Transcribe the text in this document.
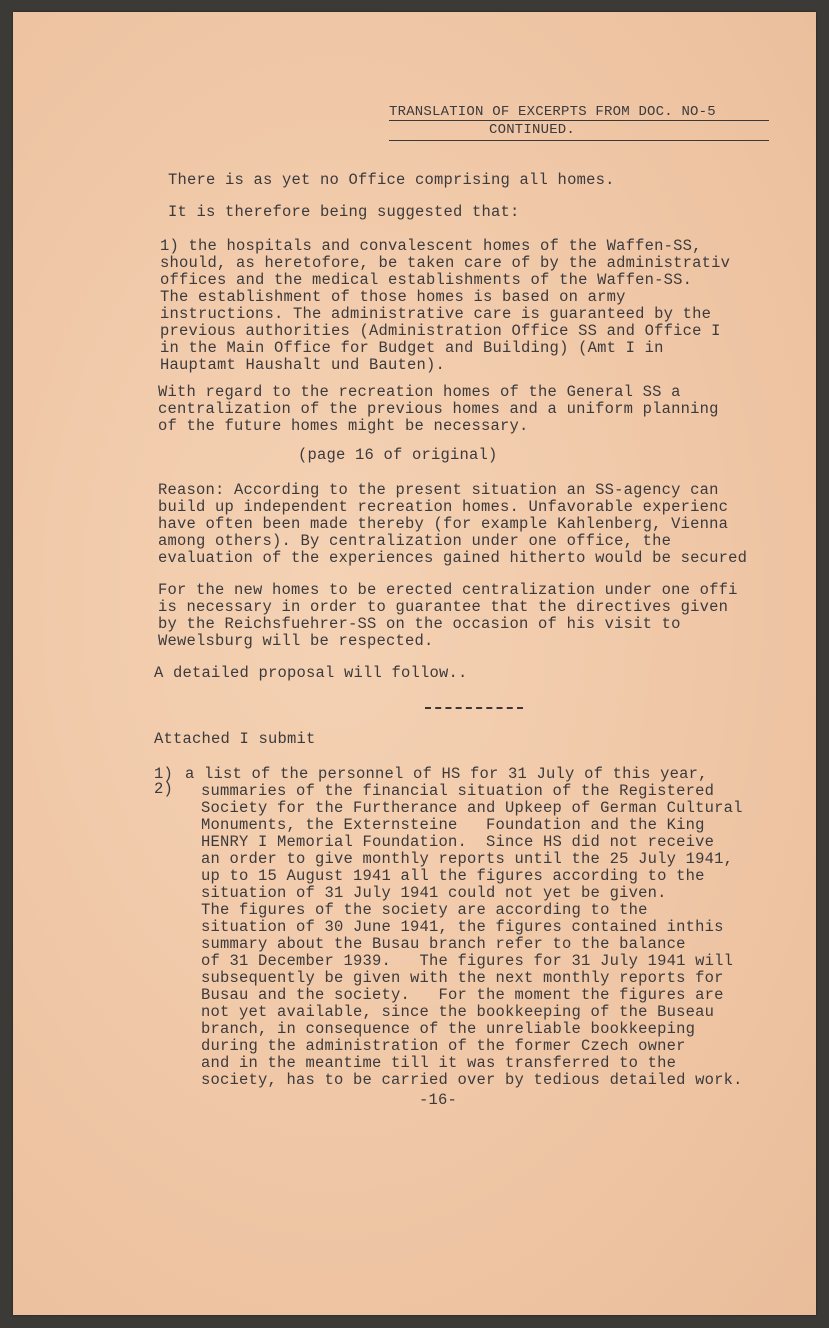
TRANSLATION OF EXCERPTS FROM DOC. NO-5
CONTINUED.
There is as yet no Office comprising all homes.
It is therefore being suggested that:
1) the hospitals and convalescent homes of the Waffen-SS,
should, as heretofore, be taken care of by the administrativ
offices and the medical establishments of the Waffen-SS.
The establishment of those homes is based on army
instructions. The administrative care is guaranteed by the
previous authorities (Administration Office SS and Office I
in the Main Office for Budget and Building) (Amt I in
Hauptamt Haushalt und Bauten).
With regard to the recreation homes of the General SS a
centralization of the previous homes and a uniform planning
of the future homes might be necessary.
(page 16 of original)
Reason: According to the present situation an SS-agency can
build up independent recreation homes. Unfavorable experienc
have often been made thereby (for example Kahlenberg, Vienna
among others). By centralization under one office, the
evaluation of the experiences gained hitherto would be secured
For the new homes to be erected centralization under one offi
is necessary in order to guarantee that the directives given
by the Reichsfuehrer-SS on the occasion of his visit to
Wewelsburg will be respected.
A detailed proposal will follow..
Attached I submit
1)
2)
a list of the personnel of HS for 31 July of this year,
summaries of the financial situation of the Registered
Society for the Furtherance and Upkeep of German Cultural
Monuments, the Externsteine   Foundation and the King
HENRY I Memorial Foundation.  Since HS did not receive
an order to give monthly reports until the 25 July 1941,
up to 15 August 1941 all the figures according to the
situation of 31 July 1941 could not yet be given.
The figures of the society are according to the
situation of 30 June 1941, the figures contained inthis
summary about the Busau branch refer to the balance
of 31 December 1939.   The figures for 31 July 1941 will
subsequently be given with the next monthly reports for
Busau and the society.   For the moment the figures are
not yet available, since the bookkeeping of the Buseau
branch, in consequence of the unreliable bookkeeping
during the administration of the former Czech owner
and in the meantime till it was transferred to the
society, has to be carried over by tedious detailed work.
-16-
